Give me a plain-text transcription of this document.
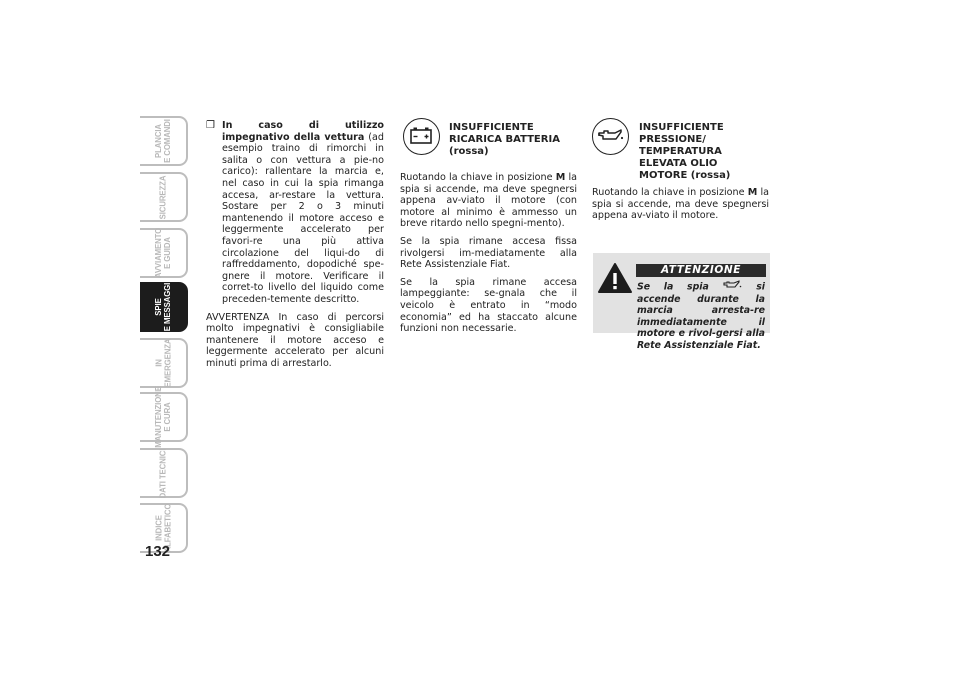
PLANCIA
E COMANDI
SICUREZZA
AVVIAMENTO
E GUIDA
SPIE
E MESSAGGI
IN
EMERGENZA
MANUTENZIONE
E CURA
DATI TECNICI
INDICE
ALFABETICO
132
❒ In caso di utilizzo impegnativo della vettura (ad esempio traino di rimorchi in salita o con vettura a pie-no carico): rallentare la marcia e, nel caso in cui la spia rimanga accesa, ar-restare la vettura. Sostare per 2 o 3 minuti mantenendo il motore acceso e leggermente accelerato per favori-re una più attiva circolazione del liqui-do di raffreddamento, dopodiché spe-gnere il motore. Verificare il corret-to livello del liquido come preceden-temente descritto.

AVVERTENZA In caso di percorsi molto impegnativi è consigliabile mantenere il motore acceso e leggermente accelerato per alcuni minuti prima di arrestarlo.

INSUFFICIENTE
RICARICA BATTERIA
(rossa)

Ruotando la chiave in posizione M la spia si accende, ma deve spegnersi appena av-viato il motore (con motore al minimo è ammesso un breve ritardo nello spegni-mento).

Se la spia rimane accesa fissa rivolgersi im-mediatamente alla Rete Assistenziale Fiat.

Se la spia rimane accesa lampeggiante: se-gnala che il veicolo è entrato in “modo economia” ed ha staccato alcune funzioni non necessarie.

INSUFFICIENTE
PRESSIONE/
TEMPERATURA
ELEVATA OLIO
MOTORE (rossa)

Ruotando la chiave in posizione M la spia si accende, ma deve spegnersi appena av-viato il motore.

ATTENZIONE
Se la spia	si accende durante la marcia arresta-re immediatamente il motore e rivol-gersi alla Rete Assistenziale Fiat.
